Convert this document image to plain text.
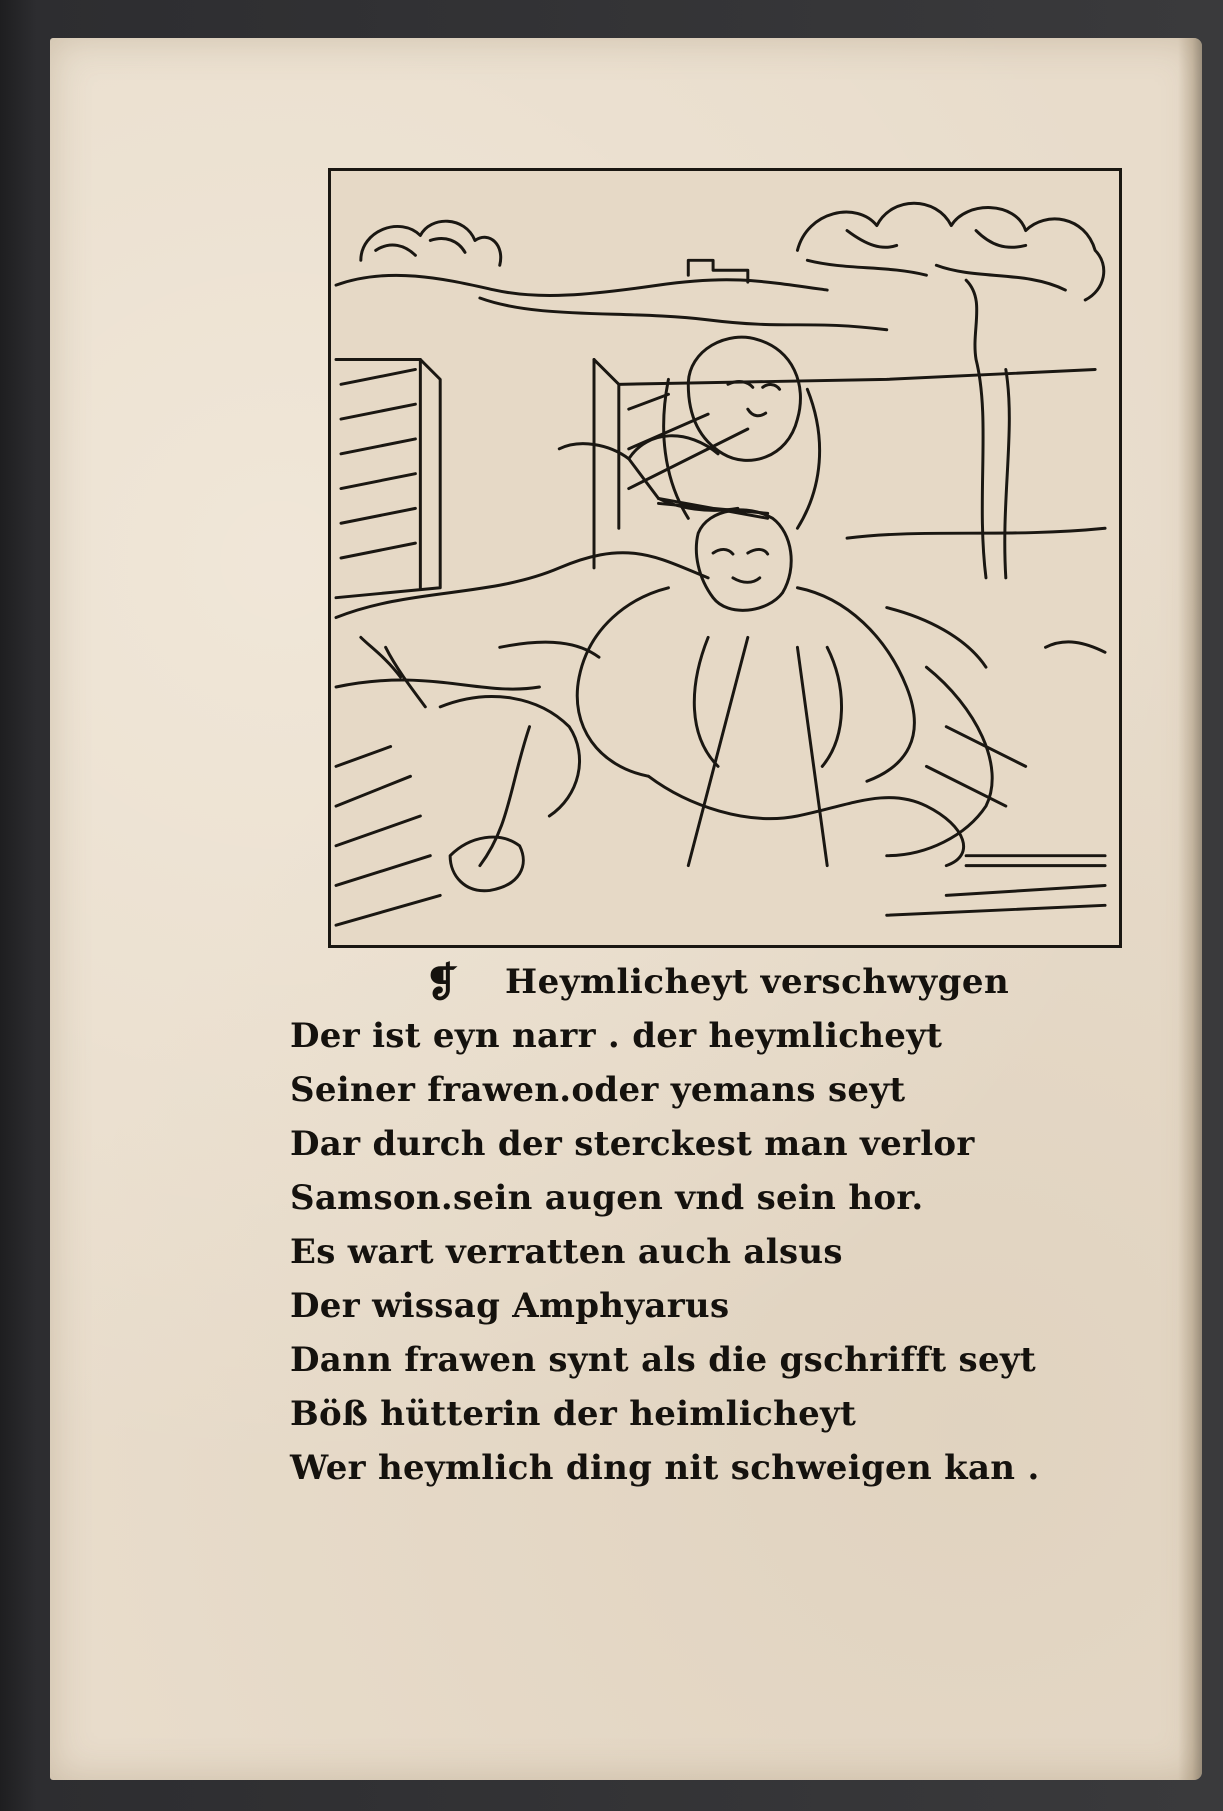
❡ Heymlicheyt verschwygen
Der ist eyn narr . der heymlicheyt
Seiner frawen.oder yemans seyt
Dar durch der sterckest man verlor
Samson.sein augen vnd sein hor.
Es wart verratten auch alsus
Der wissag Amphyarus
Dann frawen synt als die gschrifft seyt
Böß hütterin der heimlicheyt
Wer heymlich ding nit schweigen kan .
